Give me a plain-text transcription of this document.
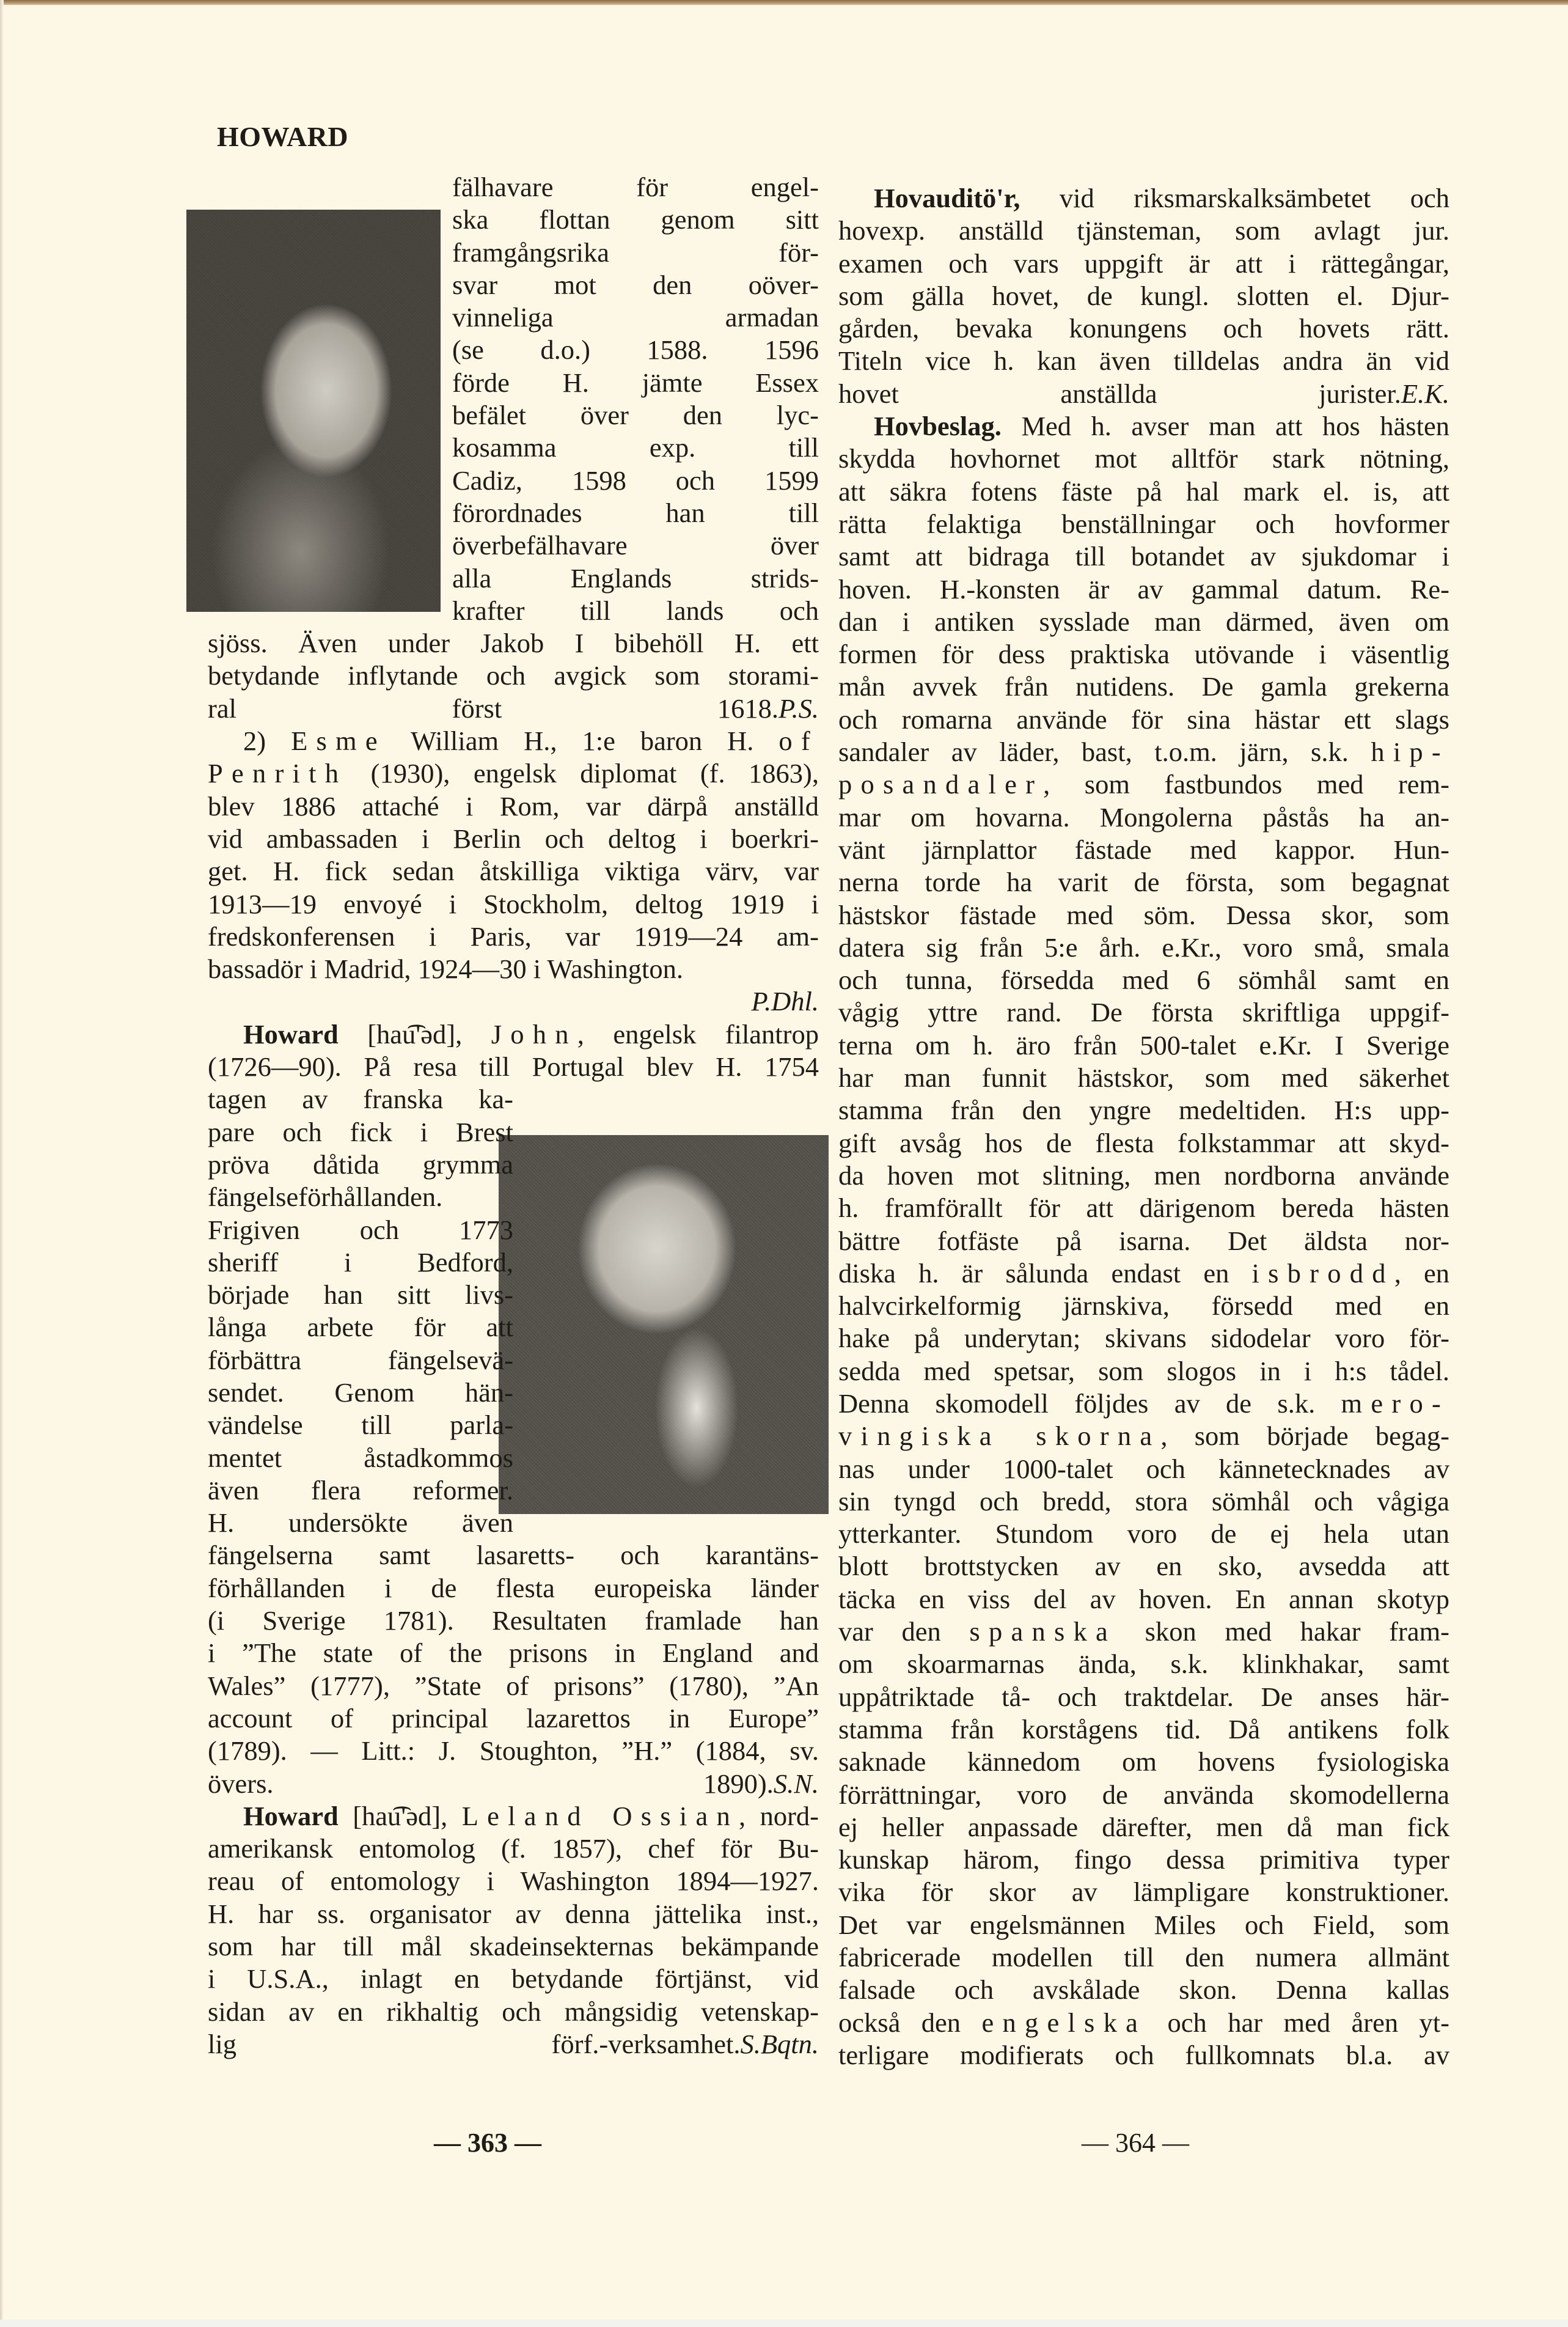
HOWARD
fälhavare för engel-
ska flottan genom sitt
framgångsrika för-
svar mot den oöver-
vinneliga armadan
(se d.o.) 1588. 1596
förde H. jämte Essex
befälet över den lyc-
kosamma exp. till
Cadiz, 1598 och 1599
förordnades han till
överbefälhavare över
alla Englands strids-
krafter till lands och
sjöss. Även under Jakob I bibehöll H. ett
betydande inflytande och avgick som storami-
ral först 1618.P.S.
2) Esme William H., 1:e baron H. of
Penrith (1930), engelsk diplomat (f. 1863),
blev 1886 attaché i Rom, var därpå anställd
vid ambassaden i Berlin och deltog i boerkri-
get. H. fick sedan åtskilliga viktiga värv, var
1913—19 envoyé i Stockholm, deltog 1919 i
fredskonferensen i Paris, var 1919—24 am-
bassadör i Madrid, 1924—30 i Washington.
P.Dhl.
Howard [hau͡'əd], John, engelsk filantrop
(1726—90). På resa till Portugal blev H. 1754
tagen av franska ka-
pare och fick i Brest
pröva dåtida grymma
fängelseförhållanden.
Frigiven och 1773
sheriff i Bedford,
började han sitt livs-
långa arbete för att
förbättra fängelsevä-
sendet. Genom hän-
vändelse till parla-
mentet åstadkommos
även flera reformer.
H. undersökte även
fängelserna samt lasaretts- och karantäns-
förhållanden i de flesta europeiska länder
(i Sverige 1781). Resultaten framlade han
i ”The state of the prisons in England and
Wales” (1777), ”State of prisons” (1780), ”An
account of principal lazarettos in Europe”
(1789). — Litt.: J. Stoughton, ”H.” (1884, sv.
övers. 1890).S.N.
Howard [hau͡'əd], Leland Ossian, nord-
amerikansk entomolog (f. 1857), chef för Bu-
reau of entomology i Washington 1894—1927.
H. har ss. organisator av denna jättelika inst.,
som har till mål skadeinsekternas bekämpande
i U.S.A., inlagt en betydande förtjänst, vid
sidan av en rikhaltig och mångsidig vetenskap-
lig förf.-verksamhet.S.Bqtn.
Hovauditö'r, vid riksmarskalksämbetet och
hovexp. anställd tjänsteman, som avlagt jur.
examen och vars uppgift är att i rättegångar,
som gälla hovet, de kungl. slotten el. Djur-
gården, bevaka konungens och hovets rätt.
Titeln vice h. kan även tilldelas andra än vid
hovet anställda jurister.E.K.
Hovbeslag. Med h. avser man att hos hästen
skydda hovhornet mot alltför stark nötning,
att säkra fotens fäste på hal mark el. is, att
rätta felaktiga benställningar och hovformer
samt att bidraga till botandet av sjukdomar i
hoven. H.-konsten är av gammal datum. Re-
dan i antiken sysslade man därmed, även om
formen för dess praktiska utövande i väsentlig
mån avvek från nutidens. De gamla grekerna
och romarna använde för sina hästar ett slags
sandaler av läder, bast, t.o.m. järn, s.k. hip-
posandaler, som fastbundos med rem-
mar om hovarna. Mongolerna påstås ha an-
vänt järnplattor fästade med kappor. Hun-
nerna torde ha varit de första, som begagnat
hästskor fästade med söm. Dessa skor, som
datera sig från 5:e årh. e.Kr., voro små, smala
och tunna, försedda med 6 sömhål samt en
vågig yttre rand. De första skriftliga uppgif-
terna om h. äro från 500-talet e.Kr. I Sverige
har man funnit hästskor, som med säkerhet
stamma från den yngre medeltiden. H:s upp-
gift avsåg hos de flesta folkstammar att skyd-
da hoven mot slitning, men nordborna använde
h. framförallt för att därigenom bereda hästen
bättre fotfäste på isarna. Det äldsta nor-
diska h. är sålunda endast en isbrodd, en
halvcirkelformig järnskiva, försedd med en
hake på underytan; skivans sidodelar voro för-
sedda med spetsar, som slogos in i h:s tådel.
Denna skomodell följdes av de s.k. mero-
vingiska skorna, som började begag-
nas under 1000-talet och kännetecknades av
sin tyngd och bredd, stora sömhål och vågiga
ytterkanter. Stundom voro de ej hela utan
blott brottstycken av en sko, avsedda att
täcka en viss del av hoven. En annan skotyp
var den spanska skon med hakar fram-
om skoarmarnas ända, s.k. klinkhakar, samt
uppåtriktade tå- och traktdelar. De anses här-
stamma från korstågens tid. Då antikens folk
saknade kännedom om hovens fysiologiska
förrättningar, voro de använda skomodellerna
ej heller anpassade därefter, men då man fick
kunskap härom, fingo dessa primitiva typer
vika för skor av lämpligare konstruktioner.
Det var engelsmännen Miles och Field, som
fabricerade modellen till den numera allmänt
falsade och avskålade skon. Denna kallas
också den engelska och har med åren yt-
terligare modifierats och fullkomnats bl.a. av
— 363 —	— 364 —
